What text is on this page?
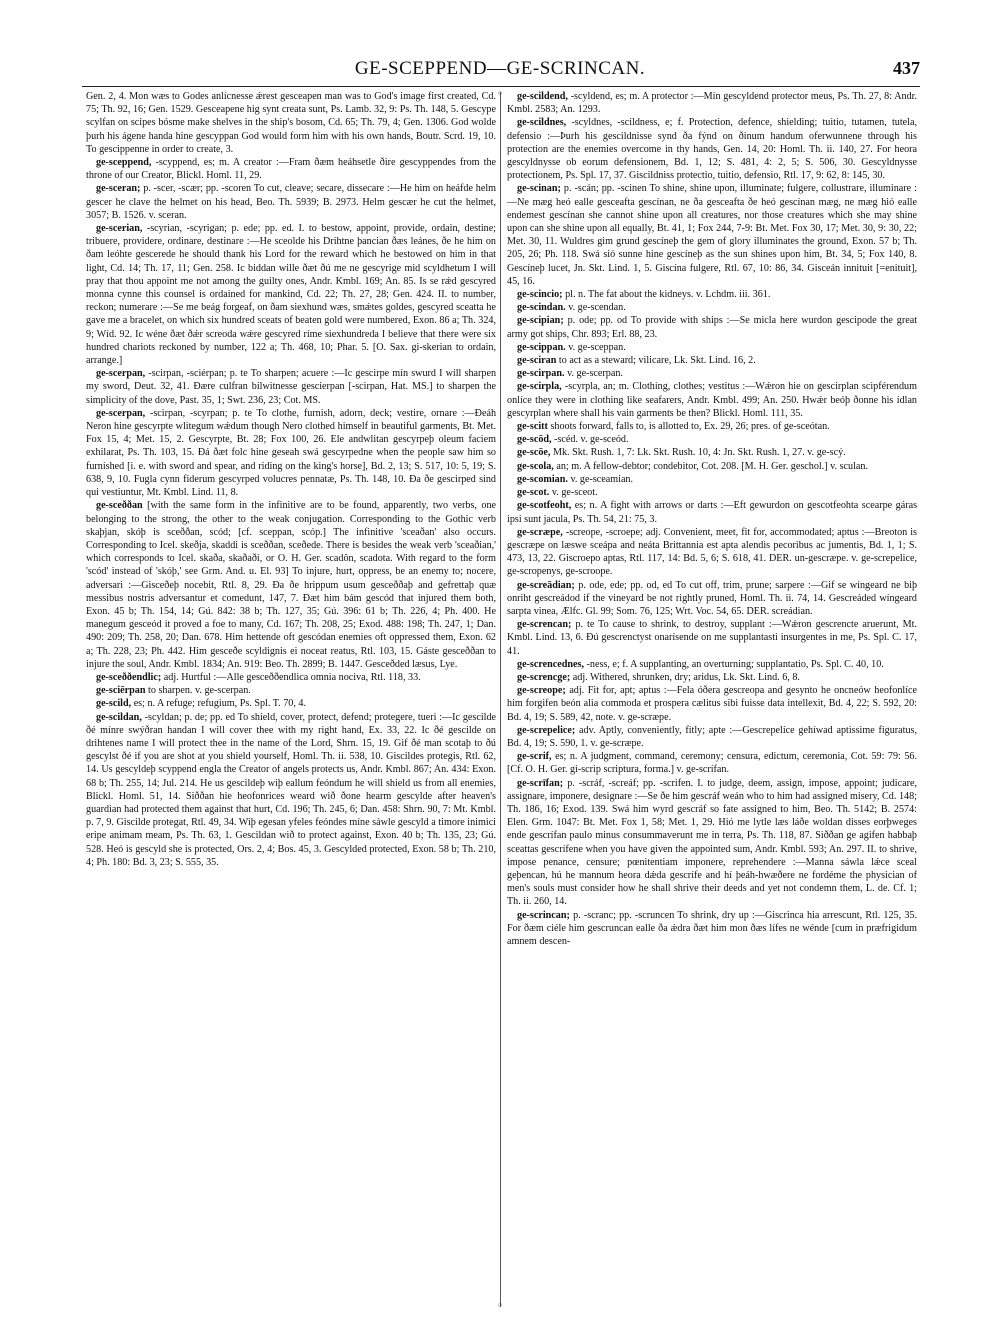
GE-SCEPPEND—GE-SCRINCAN.	437

Gen. 2, 4. Mon wæs to Godes anlícnesse ǽrest gesceapen man was to God's image first created, Cd. 75; Th. 92, 16; Gen. 1529. Gesceapene hig synt creata sunt, Ps. Lamb. 32, 9: Ps. Th. 148, 5. Gescype scylfan on scipes bósme make shelves in the ship's bosom, Cd. 65; Th. 79, 4; Gen. 1306. God wolde þurh his ágene handa hine gescyppan God would form him with his own hands, Boutr. Scrd. 19, 10. To gescippenne in order to create, 3.

ge-sceppend, -scyppend, es; m. A creator :—Fram ðæm heáhsetle ðire gescyppendes from the throne of our Creator, Blickl. Homl. 11, 29.

ge-sceran; p. -scer, -scær; pp. -scoren To cut, cleave; secare, dissecare :—He him on heáfde helm gescer he clave the helmet on his head, Beo. Th. 5939; B. 2973. Helm gescær he cut the helmet, 3057; B. 1526. v. sceran.

ge-scerian, -scyrian, -scyrigan; p. ede; pp. ed. I. to bestow, appoint, provide, ordain, destine; tribuere, providere, ordinare, destinare :—He sceolde his Drihtne þancian ðæs leánes, ðe he him on ðam leóhte gescerede he should thank his Lord for the reward which he bestowed on him in that light, Cd. 14; Th. 17, 11; Gen. 258. Ic biddan wille ðæt ðú me ne gescyrige mid scyldhetum I will pray that thou appoint me not among the guilty ones, Andr. Kmbl. 169; An. 85. Is se rǽd gescyred monna cynne this counsel is ordained for mankind, Cd. 22; Th. 27, 28; Gen. 424. II. to number, reckon; numerare :—Se me beág forgeaf, on ðam siexhund wæs, smǽtes goldes, gescyred sceatta he gave me a bracelet, on which six hundred sceats of beaten gold were numbered, Exon. 86 a; Th. 324, 9; Wíd. 92. Ic wéne ðæt ðǽr screoda wǽre gescyred ríme siexhundreda I believe that there were six hundred chariots reckoned by number, 122 a; Th. 468, 10; Phar. 5. [O. Sax. gi-skerian to ordain, arrange.]

ge-scerpan, -scirpan, -sciérpan; p. te To sharpen; acuere :—Ic gescirpe mín swurd I will sharpen my sword, Deut. 32, 41. Ðære culfran bilwitnesse gescierpan [-scirpan, Hat. MS.] to sharpen the simplicity of the dove, Past. 35, 1; Swt. 236, 23; Cot. MS.

ge-scerpan, -scirpan, -scyrpan; p. te To clothe, furnish, adorn, deck; vestire, ornare :—Ðeáh Neron hine gescyrpte wlitegum wǽdum though Nero clothed himself in beautiful garments, Bt. Met. Fox 15, 4; Met. 15, 2. Gescyrpte, Bt. 28; Fox 100, 26. Ele andwlitan gescyrpeþ oleum faciem exhilarat, Ps. Th. 103, 15. Ðá ðæt folc hine geseah swá gescyrpedne when the people saw him so furnished [i. e. with sword and spear, and riding on the king's horse], Bd. 2, 13; S. 517, 10: 5, 19; S. 638, 9, 10. Fugla cynn fiderum gescyrped volucres pennatæ, Ps. Th. 148, 10. Ða ðe gescirped sind qui vestiuntur, Mt. Kmbl. Lind. 11, 8.

ge-sceððan [with the same form in the infinitive are to be found, apparently, two verbs, one belonging to the strong, the other to the weak conjugation. Corresponding to the Gothic verb skaþjan, skóþ is sceððan, scód; [cf. sceppan, scóp.] The infinitive 'sceaðan' also occurs. Corresponding to Icel. skeðja, skaddi is sceððan, sceðede. There is besides the weak verb 'sceaðian,' which corresponds to Icel. skaða, skaðaði, or O. H. Ger. scadôn, scadota. With regard to the form 'scód' instead of 'skóþ,' see Grm. And. u. El. 93] To injure, hurt, oppress, be an enemy to; nocere, adversari :—Gisceðeþ nocebit, Rtl. 8, 29. Ða ðe hrippum usum gesceððaþ and gefrettaþ quæ messibus nostris adversantur et comedunt, 147, 7. Ðæt him bám gescód that injured them both, Exon. 45 b; Th. 154, 14; Gú. 842: 38 b; Th. 127, 35; Gú. 396: 61 b; Th. 226, 4; Ph. 400. He manegum gesceód it proved a foe to many, Cd. 167; Th. 208, 25; Exod. 488: 198; Th. 247, 1; Dan. 490: 209; Th. 258, 20; Dan. 678. Him hettende oft gescódan enemies oft oppressed them, Exon. 62 a; Th. 228, 23; Ph. 442. Him gesceðe scyldignis ei noceat reatus, Rtl. 103, 15. Gáste gesceððan to injure the soul, Andr. Kmbl. 1834; An. 919: Beo. Th. 2899; B. 1447. Gesceðded læsus, Lye.

ge-sceððendlic; adj. Hurtful :—Alle gesceððendlica omnia nociva, Rtl. 118, 33.

ge-sciērpan to sharpen. v. ge-scerpan.

ge-scild, es; n. A refuge; refugium, Ps. Spl. T. 70, 4.

ge-scildan, -scyldan; p. de; pp. ed To shield, cover, protect, defend; protegere, tueri :—Ic gescilde ðé mínre swýðran handan I will cover thee with my right hand, Ex. 33, 22. Ic ðé gescilde on drihtenes name I will protect thee in the name of the Lord, Shrn. 15, 19. Gif ðé man scotaþ to ðú gescylst ðé if you are shot at you shield yourself, Homl. Th. ii. 538, 10. Giscildes protegis, Rtl. 62, 14. Us gescyldeþ scyppend engla the Creator of angels protects us, Andr. Kmbl. 867; An. 434: Exon. 68 b; Th. 255, 14; Jul. 214. He us gescildeþ wiþ eallum feóndum he will shield us from all enemies, Blickl. Homl. 51, 14. Siððan hie heofonrices weard wið ðone hearm gescylde after heaven's guardian had protected them against that hurt, Cd. 196; Th. 245, 6; Dan. 458: Shrn. 90, 7: Mt. Kmbl. p. 7, 9. Giscilde protegat, Rtl. 49, 34. Wiþ egesan yfeles feóndes míne sáwle gescyld a timore inimici eripe animam meam, Ps. Th. 63, 1. Gescildan wið to protect against, Exon. 40 b; Th. 135, 23; Gú. 528. Heó is gescyld she is protected, Ors. 2, 4; Bos. 45, 3. Gescylded protected, Exon. 58 b; Th. 210, 4; Ph. 180: Bd. 3, 23; S. 555, 35.

◦
◦

ge-scildend, -scyldend, es; m. A protector :—Mín gescyldend protector meus, Ps. Th. 27, 8: Andr. Kmbl. 2583; An. 1293.

ge-scildnes, -scyldnes, -scildness, e; f. Protection, defence, shielding; tuitio, tutamen, tutela, defensio :—Þurh his gescildnisse synd ða fýnd on ðinum handum oferwunnene through his protection are the enemies overcome in thy hands, Gen. 14, 20: Homl. Th. ii. 140, 27. For heora gescyldnysse ob eorum defensionem, Bd. 1, 12; S. 481, 4: 2, 5; S. 506, 30. Gescyldnysse protectionem, Ps. Spl. 17, 37. Giscildniss protectio, tuitio, defensio, Rtl. 17, 9: 62, 8: 145, 30.

ge-scinan; p. -scán; pp. -scinen To shine, shine upon, illuminate; fulgere, collustrare, illuminare :—Ne mæg heó ealle gesceafta gescínan, ne ða gesceafta ðe heó gescínan mæg, ne mæg hió ealle endemest gescínan she cannot shine upon all creatures, nor those creatures which she may shine upon can she shine upon all equally, Bt. 41, 1; Fox 244, 7-9: Bt. Met. Fox 30, 17; Met. 30, 9: 30, 22; Met. 30, 11. Wuldres gim grund gescíneþ the gem of glory illuminates the ground, Exon. 57 b; Th. 205, 26; Ph. 118. Swá sió sunne hine gescíneþ as the sun shines upon him, Bt. 34, 5; Fox 140, 8. Gescíneþ lucet, Jn. Skt. Lind. 1, 5. Giscína fulgere, Rtl. 67, 10: 86, 34. Gisceán innituit [=enituit], 45, 16.

ge-scincio; pl. n. The fat about the kidneys. v. Lchdm. iii. 361.

ge-scindan. v. ge-scendan.

ge-scipian; p. ode; pp. od To provide with ships :—Se micla here wurdon gescipode the great army got ships, Chr. 893; Erl. 88, 23.

ge-scippan. v. ge-sceppan.

ge-sciran to act as a steward; vilicare, Lk. Skt. Lind. 16, 2.

ge-scirpan. v. ge-scerpan.

ge-scirpla, -scyrpla, an; m. Clothing, clothes; vestitus :—Wǽron hie on gescirplan scipférendum onlíce they were in clothing like seafarers, Andr. Kmbl. 499; An. 250. Hwǽr beóþ ðonne his ídlan gescyrplan where shall his vain garments be then? Blickl. Homl. 111, 35.

ge-scitt shoots forward, falls to, is allotted to, Ex. 29, 26; pres. of ge-sceótan.

ge-scōd, -scéd. v. ge-sceód.

ge-scōe, Mk. Skt. Rush. 1, 7: Lk. Skt. Rush. 10, 4: Jn. Skt. Rush. 1, 27. v. ge-scý.

ge-scola, an; m. A fellow-debtor; condebitor, Cot. 208. [M. H. Ger. geschol.] v. sculan.

ge-scomian. v. ge-sceamian.

ge-scot. v. ge-sceot.

ge-scotfeoht, es; n. A fight with arrows or darts :—Eft gewurdon on gescotfeohta scearpe gáras ipsi sunt jacula, Ps. Th. 54, 21: 75, 3.

ge-scræpe, -screope, -scroepe; adj. Convenient, meet, fit for, accommodated; aptus :—Breoton is gescræpe on læswe sceápa and neáta Brittannia est apta alendis pecoribus ac jumentis, Bd. 1, 1; S. 473, 13, 22. Giscroepo aptas, Rtl. 117, 14: Bd. 5, 6; S. 618, 41. DER. un-gescræpe. v. ge-screpelice, ge-scropenys, ge-scroope.

ge-screādian; p. ode, ede; pp. od, ed To cut off, trim, prune; sarpere :—Gif se wíngeard ne biþ onriht gescreádod if the vineyard be not rightly pruned, Homl. Th. ii. 74, 14. Gescreáded wíngeard sarpta vinea, Ælfc. Gl. 99; Som. 76, 125; Wrt. Voc. 54, 65. DER. screádian.

ge-screncan; p. te To cause to shrink, to destroy, supplant :—Wǽron gescrencte aruerunt, Mt. Kmbl. Lind. 13, 6. Ðú gescrenctyst onarísende on me supplantasti insurgentes in me, Ps. Spl. C. 17, 41.

ge-screncednes, -ness, e; f. A supplanting, an overturning; supplantatio, Ps. Spl. C. 40, 10.

ge-screncge; adj. Withered, shrunken, dry; aridus, Lk. Skt. Lind. 6, 8.

ge-screope; adj. Fit for, apt; aptus :—Fela óðera gescreopa and gesynto he oncneów heofonlíce him forgifen beón alia commoda et prospera cælitus sibi fuisse data intellexit, Bd. 4, 22; S. 592, 20: Bd. 4, 19; S. 589, 42, note. v. ge-scræpe.

ge-screpelice; adv. Aptly, conveniently, fitly; apte :—Gescrepelíce gehíwad aptissime figuratus, Bd. 4, 19; S. 590, 1. v. ge-scræpe.

ge-scrif, es; n. A judgment, command, ceremony; censura, edictum, ceremonia, Cot. 59: 79: 56. [Cf. O. H. Ger. gi-scrip scriptura, forma.] v. ge-scrífan.

ge-scrīfan; p. -scráf, -screáf; pp. -scrifen. I. to judge, deem, assign, impose, appoint; judicare, assignare, imponere, designare :—Se ðe him gescráf weán who to him had assigned misery, Cd. 148; Th. 186, 16; Exod. 139. Swá him wyrd gescráf so fate assigned to him, Beo. Th. 5142; B. 2574: Elen. Grm. 1047: Bt. Met. Fox 1, 58; Met. 1, 29. Hió me lytle læs láðe woldan disses eorþweges ende gescrífan paulo minus consummaverunt me in terra, Ps. Th. 118, 87. Siððan ge agifen habbaþ sceattas gescrífene when you have given the appointed sum, Andr. Kmbl. 593; An. 297. II. to shrive, impose penance, censure; pœnitentiam imponere, reprehendere :—Manna sáwla lǽce sceal geþencan, hú he mannum heora dǽda gescrífe and hí þeáh-hwæðere ne fordéme the physician of men's souls must consider how he shall shrive their deeds and yet not condemn them, L. de. Cf. 1; Th. ii. 260, 14.

ge-scrincan; p. -scranc; pp. -scruncen To shrink, dry up :—Giscrinca hia arrescunt, Rtl. 125, 35. For ðæm ciéle him gescruncan ealle ða ǽdra ðæt him mon ðæs lífes ne wénde [cum in præfrigidum amnem descen-
